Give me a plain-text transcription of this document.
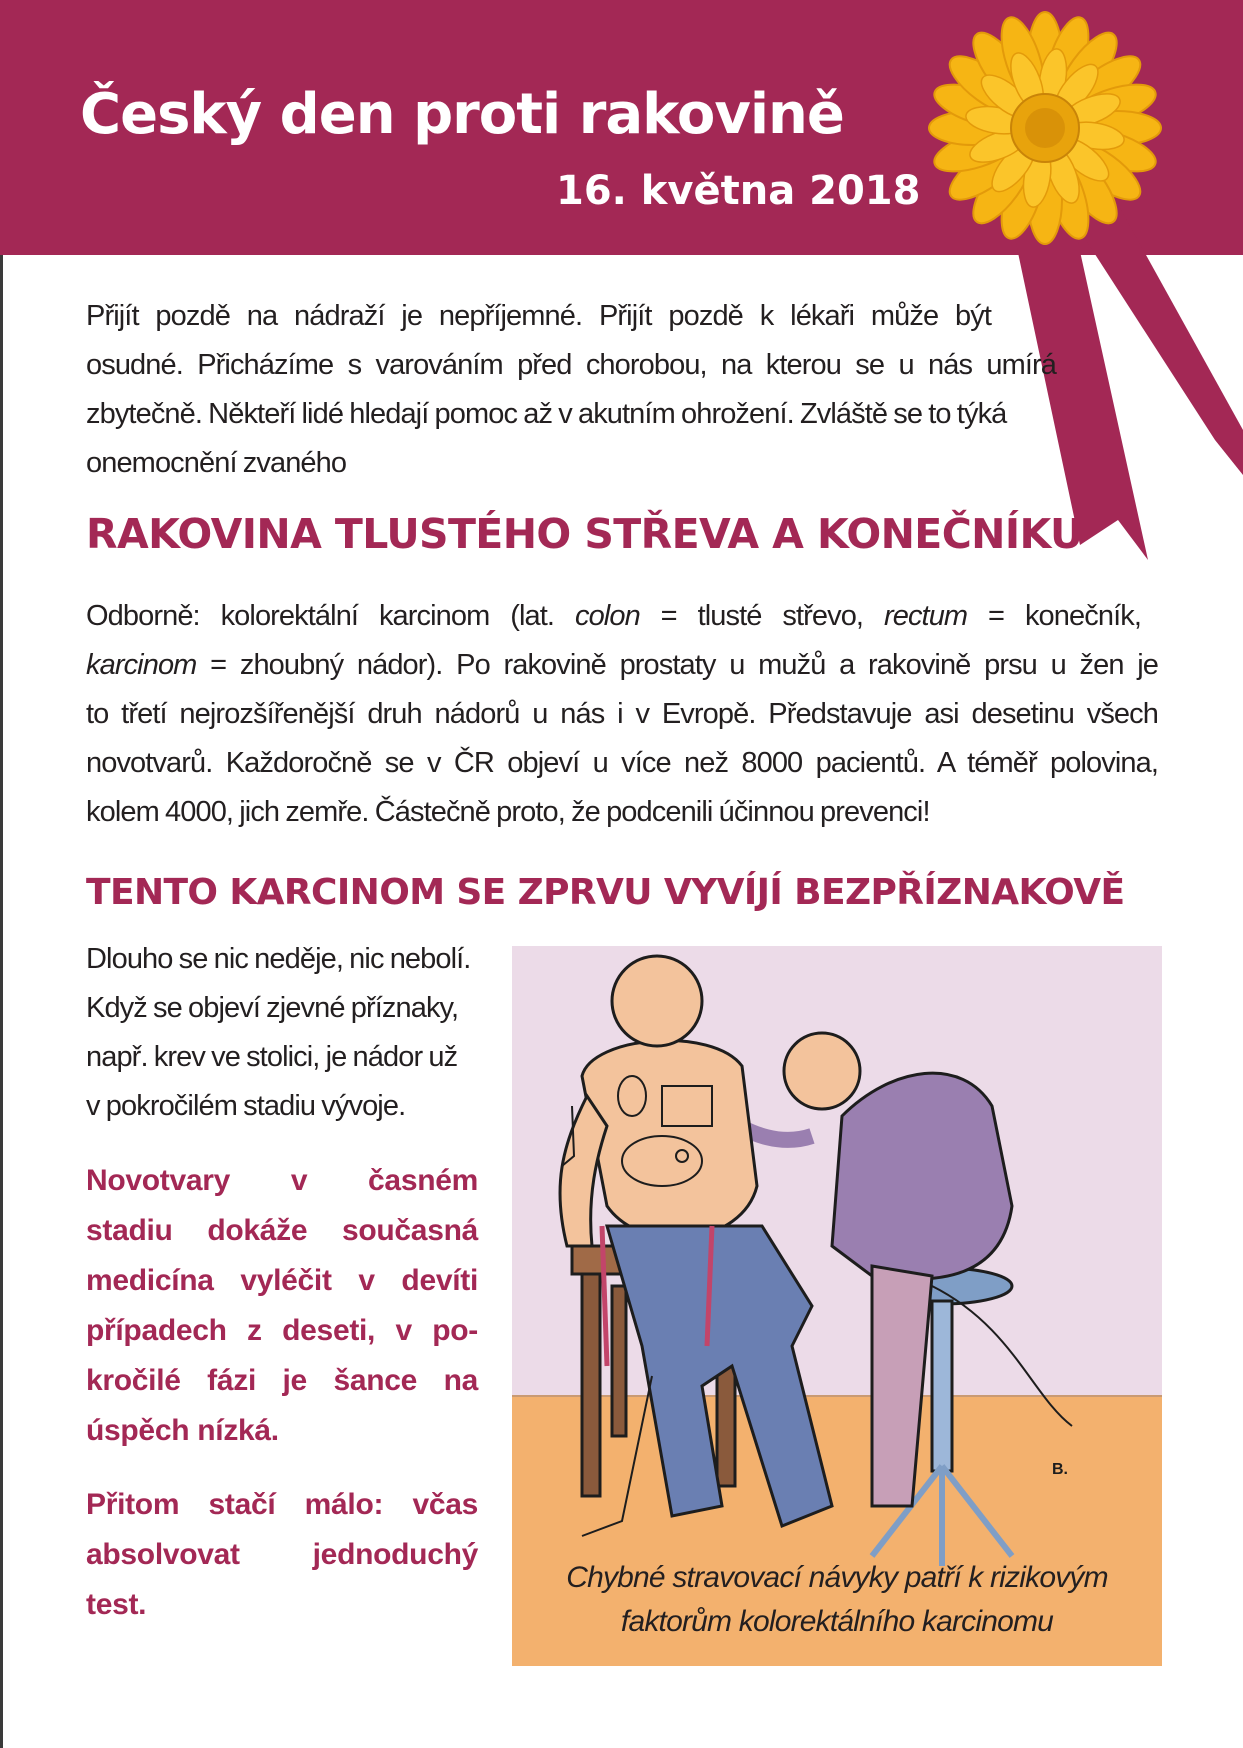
Český den proti rakovině
16. května 2018
Přijít pozdě na nádraží je nepříjemné. Přijít pozdě k lékaři může být
osudné. Přicházíme s varováním před chorobou, na kterou se u nás umírá
zbytečně. Někteří lidé hledají pomoc až v akutním ohrožení. Zvláště se to týká
onemocnění zvaného
RAKOVINA TLUSTÉHO STŘEVA A KONEČNÍKU
Odborně: kolorektální karcinom (lat. colon = tlusté střevo, rectum = konečník,
karcinom = zhoubný nádor). Po rakovině prostaty u mužů a rakovině prsu u žen je
to třetí nejrozšířenější druh nádorů u nás i v Evropě. Představuje asi desetinu všech
novotvarů. Každoročně se v ČR objeví u více než 8000 pacientů. A téměř polovina,
kolem 4000, jich zemře. Částečně proto, že podcenili účinnou prevenci!
TENTO KARCINOM SE ZPRVU VYVÍJÍ BEZPŘÍZNAKOVĚ
Dlouho se nic neděje, nic nebolí.
Když se objeví zjevné příznaky,
např. krev ve stolici, je nádor už
v pokročilém stadiu vývoje.
Novotvary v časném
stadiu dokáže současná
medicína vyléčit v devíti
případech z deseti, v po-
kročilé fázi je šance na
úspěch nízká.
Přitom stačí málo: včas
absolvovat jednoduchý
test.
B.
Chybné stravovací návyky patří k rizikovým
faktorům kolorektálního karcinomu
